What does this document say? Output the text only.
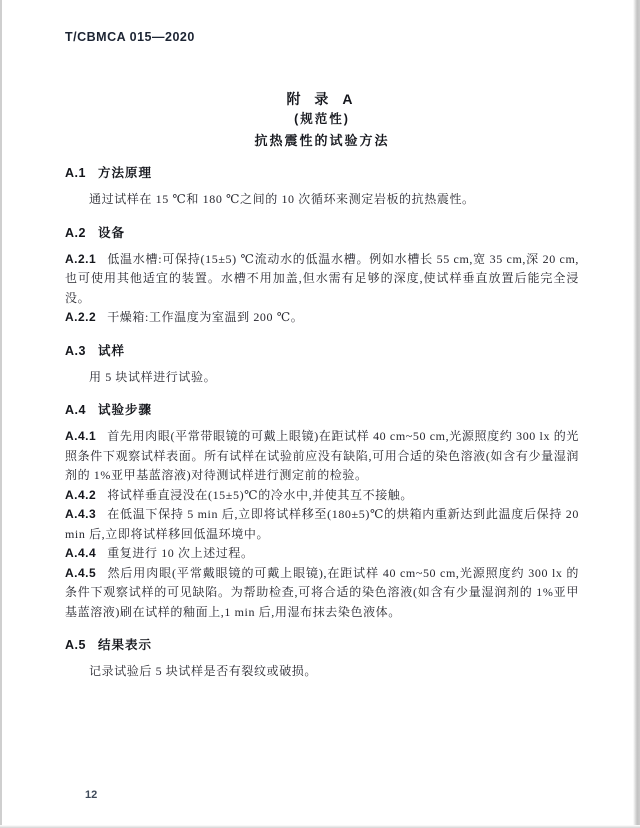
T/CBMCA 015—2020
附 录 A
(规范性)
抗热震性的试验方法
A.1 方法原理

通过试样在 15 ℃和 180 ℃之间的 10 次循环来测定岩板的抗热震性。

A.2 设备

A.2.1 低温水槽:可保持(15±5) ℃流动水的低温水槽。例如水槽长 55 cm,宽 35 cm,深 20 cm,也可使用其他适宜的装置。水槽不用加盖,但水需有足够的深度,使试样垂直放置后能完全浸没。

A.2.2 干燥箱:工作温度为室温到 200 ℃。

A.3 试样

用 5 块试样进行试验。

A.4 试验步骤

A.4.1 首先用肉眼(平常带眼镜的可戴上眼镜)在距试样 40 cm~50 cm,光源照度约 300 lx 的光照条件下观察试样表面。所有试样在试验前应没有缺陷,可用合适的染色溶液(如含有少量湿润剂的 1%亚甲基蓝溶液)对待测试样进行测定前的检验。

A.4.2 将试样垂直浸没在(15±5)℃的冷水中,并使其互不接触。

A.4.3 在低温下保持 5 min 后,立即将试样移至(180±5)℃的烘箱内重新达到此温度后保持 20 min 后,立即将试样移回低温环境中。

A.4.4 重复进行 10 次上述过程。

A.4.5 然后用肉眼(平常戴眼镜的可戴上眼镜),在距试样 40 cm~50 cm,光源照度约 300 lx 的条件下观察试样的可见缺陷。为帮助检查,可将合适的染色溶液(如含有少量湿润剂的 1%亚甲基蓝溶液)刷在试样的釉面上,1 min 后,用湿布抹去染色液体。

A.5 结果表示

记录试验后 5 块试样是否有裂纹或破损。

12
